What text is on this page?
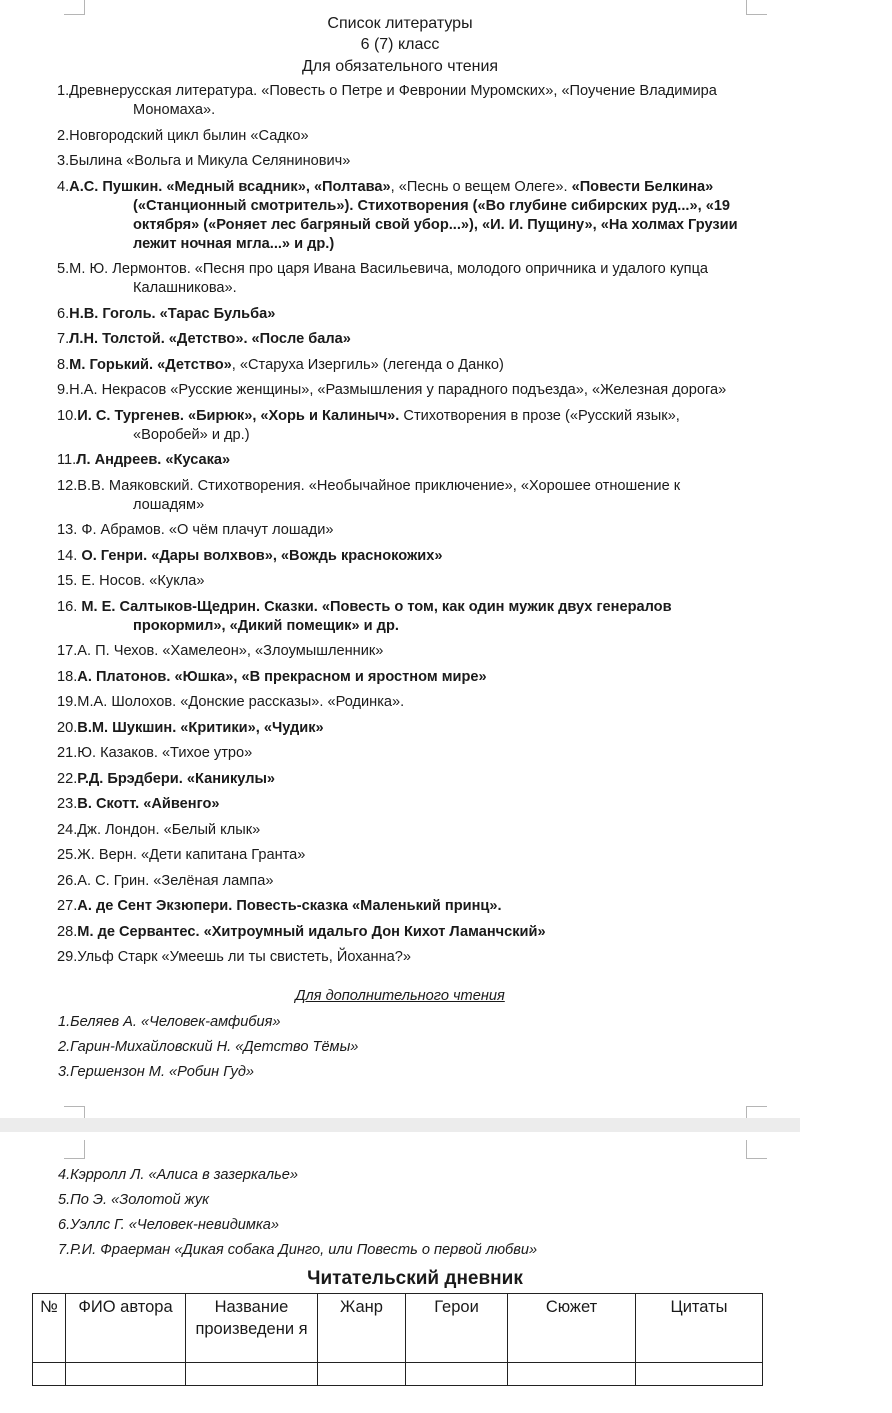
Список литературы
6 (7) класс
Для обязательного чтения
1.Древнерусская литература. «Повесть о Петре и Февронии Муромских», «Поучение Владимира Мономаха».
2.Новгородский цикл былин «Садко»
3.Былина «Вольга и Микула Селянинович»
4.А.С. Пушкин. «Медный всадник», «Полтава», «Песнь о вещем Олеге». «Повести Белкина» («Станционный смотритель»). Стихотворения («Во глубине сибирских руд...», «19 октября» («Роняет лес багряный свой убор...»), «И. И. Пущину», «На холмах Грузии лежит ночная мгла...» и др.)
5.М. Ю. Лермонтов. «Песня про царя Ивана Васильевича, молодого опричника и удалого купца Калашникова».
6.Н.В. Гоголь. «Тарас Бульба»
7.Л.Н. Толстой. «Детство». «После бала»
8.М. Горький. «Детство», «Старуха Изергиль» (легенда о Данко)
9.Н.А. Некрасов «Русские женщины», «Размышления у парадного подъезда», «Железная дорога»
10.И. С. Тургенев. «Бирюк», «Хорь и Калиныч». Стихотворения в прозе («Русский язык», «Воробей» и др.)
11.Л. Андреев. «Кусака»
12.В.В. Маяковский. Стихотворения. «Необычайное приключение», «Хорошее отношение к лошадям»
13. Ф. Абрамов. «О чём плачут лошади»
14. О. Генри. «Дары волхвов», «Вождь краснокожих»
15. Е. Носов. «Кукла»
16. М. Е. Салтыков-Щедрин. Сказки. «Повесть о том, как один мужик двух генералов прокормил», «Дикий помещик» и др.
17.А. П. Чехов. «Хамелеон», «Злоумышленник»
18.А. Платонов. «Юшка», «В прекрасном и яростном мире»
19.М.А. Шолохов. «Донские рассказы». «Родинка».
20.В.М. Шукшин. «Критики», «Чудик»
21.Ю. Казаков. «Тихое утро»
22.Р.Д. Брэдбери. «Каникулы»
23.В. Скотт. «Айвенго»
24.Дж. Лондон. «Белый клык»
25.Ж. Верн. «Дети капитана Гранта»
26.А. С. Грин. «Зелёная лампа»
27.А. де Сент Экзюпери. Повесть-сказка «Маленький принц».
28.М. де Сервантес. «Хитроумный идальго Дон Кихот Ламанчский»
29.Ульф Старк «Умеешь ли ты свистеть, Йоханна?»
Для дополнительного чтения
1.Беляев А. «Человек-амфибия»
2.Гарин-Михайловский Н. «Детство Тёмы»
3.Гершензон М. «Робин Гуд»
4.Кэрролл Л. «Алиса в зазеркалье»
5.По Э. «Золотой жук
6.Уэллс Г. «Человек-невидимка»
7.Р.И. Фраерман «Дикая собака Динго, или Повесть о первой любви»
Читательский дневник
№	ФИО автора	Название произведени я	Жанр	Герои	Сюжет	Цитаты
